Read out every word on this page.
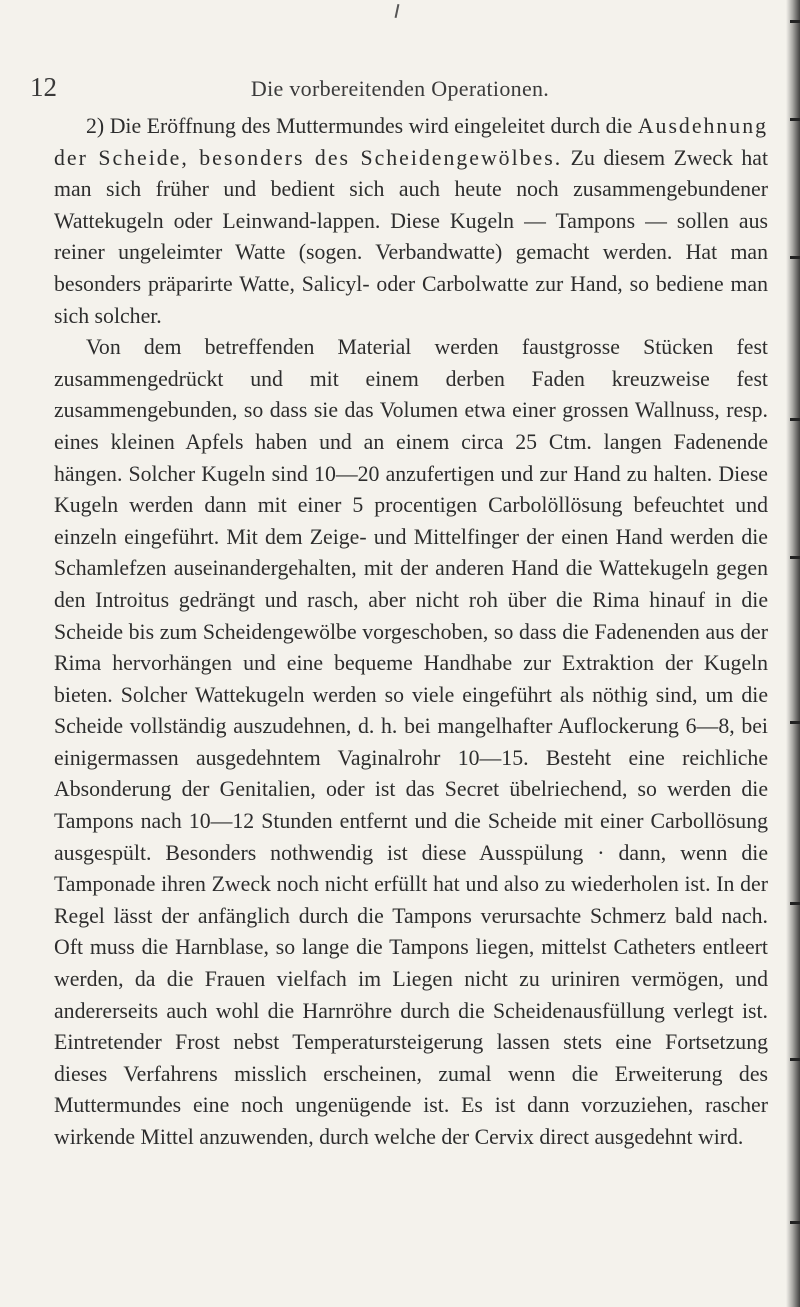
12	Die vorbereitenden Operationen.

2) Die Eröffnung des Muttermundes wird eingeleitet durch die Ausdehnung der Scheide, besonders des Scheidengewölbes. Zu diesem Zweck hat man sich früher und bedient sich auch heute noch zusammengebundener Wattekugeln oder Leinwand-lappen. Diese Kugeln — Tampons — sollen aus reiner ungeleimter Watte (sogen. Verbandwatte) gemacht werden. Hat man besonders präparirte Watte, Salicyl- oder Carbolwatte zur Hand, so bediene man sich solcher.

Von dem betreffenden Material werden faustgrosse Stücken fest zusammengedrückt und mit einem derben Faden kreuzweise fest zusammengebunden, so dass sie das Volumen etwa einer grossen Wallnuss, resp. eines kleinen Apfels haben und an einem circa 25 Ctm. langen Fadenende hängen. Solcher Kugeln sind 10—20 anzufertigen und zur Hand zu halten. Diese Kugeln werden dann mit einer 5 procentigen Carbolöllösung befeuchtet und einzeln eingeführt. Mit dem Zeige- und Mittelfinger der einen Hand werden die Schamlefzen auseinandergehalten, mit der anderen Hand die Wattekugeln gegen den Introitus gedrängt und rasch, aber nicht roh über die Rima hinauf in die Scheide bis zum Scheidengewölbe vorgeschoben, so dass die Fadenenden aus der Rima hervorhängen und eine bequeme Handhabe zur Extraktion der Kugeln bieten. Solcher Wattekugeln werden so viele eingeführt als nöthig sind, um die Scheide vollständig auszudehnen, d. h. bei mangelhafter Auflockerung 6—8, bei einigermassen ausgedehntem Vaginalrohr 10—15. Besteht eine reichliche Absonderung der Genitalien, oder ist das Secret übelriechend, so werden die Tampons nach 10—12 Stunden entfernt und die Scheide mit einer Carbollösung ausgespült. Besonders nothwendig ist diese Ausspülung · dann, wenn die Tamponade ihren Zweck noch nicht erfüllt hat und also zu wiederholen ist. In der Regel lässt der anfänglich durch die Tampons verursachte Schmerz bald nach. Oft muss die Harnblase, so lange die Tampons liegen, mittelst Catheters entleert werden, da die Frauen vielfach im Liegen nicht zu uriniren vermögen, und andererseits auch wohl die Harnröhre durch die Scheidenausfüllung verlegt ist. Eintretender Frost nebst Temperatursteigerung lassen stets eine Fortsetzung dieses Verfahrens misslich erscheinen, zumal wenn die Erweiterung des Muttermundes eine noch ungenügende ist. Es ist dann vorzuziehen, rascher wirkende Mittel anzuwenden, durch welche der Cervix direct ausgedehnt wird.
